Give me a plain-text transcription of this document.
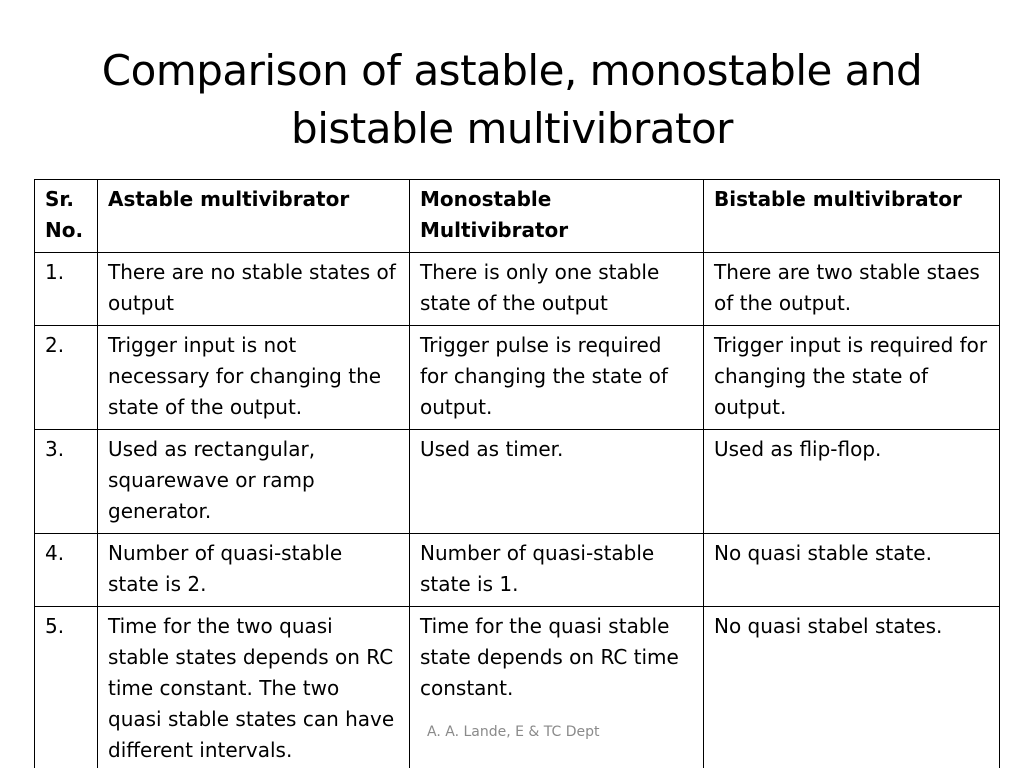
Comparison of astable, monostable and
bistable multivibrator
Sr. No.	Astable multivibrator	Monostable Multivibrator	Bistable multivibrator
1.	There are no stable states of output	There is only one stable state of the output	There are two stable staes of the output.
2.	Trigger input is not necessary for changing the state of the output.	Trigger pulse is required for changing the state of output.	Trigger input is required for changing the state of output.
3.	Used as rectangular, squarewave or ramp generator.	Used as timer.	Used as flip-flop.
4.	Number of quasi-stable state is 2.	Number of quasi-stable state is 1.	No quasi stable state.
5.	Time for the two quasi stable states depends on RC time constant. The two quasi stable states can have different intervals.	Time for the quasi stable state depends on RC time constant.	No quasi stabel states.
A. A. Lande, E & TC Dept
